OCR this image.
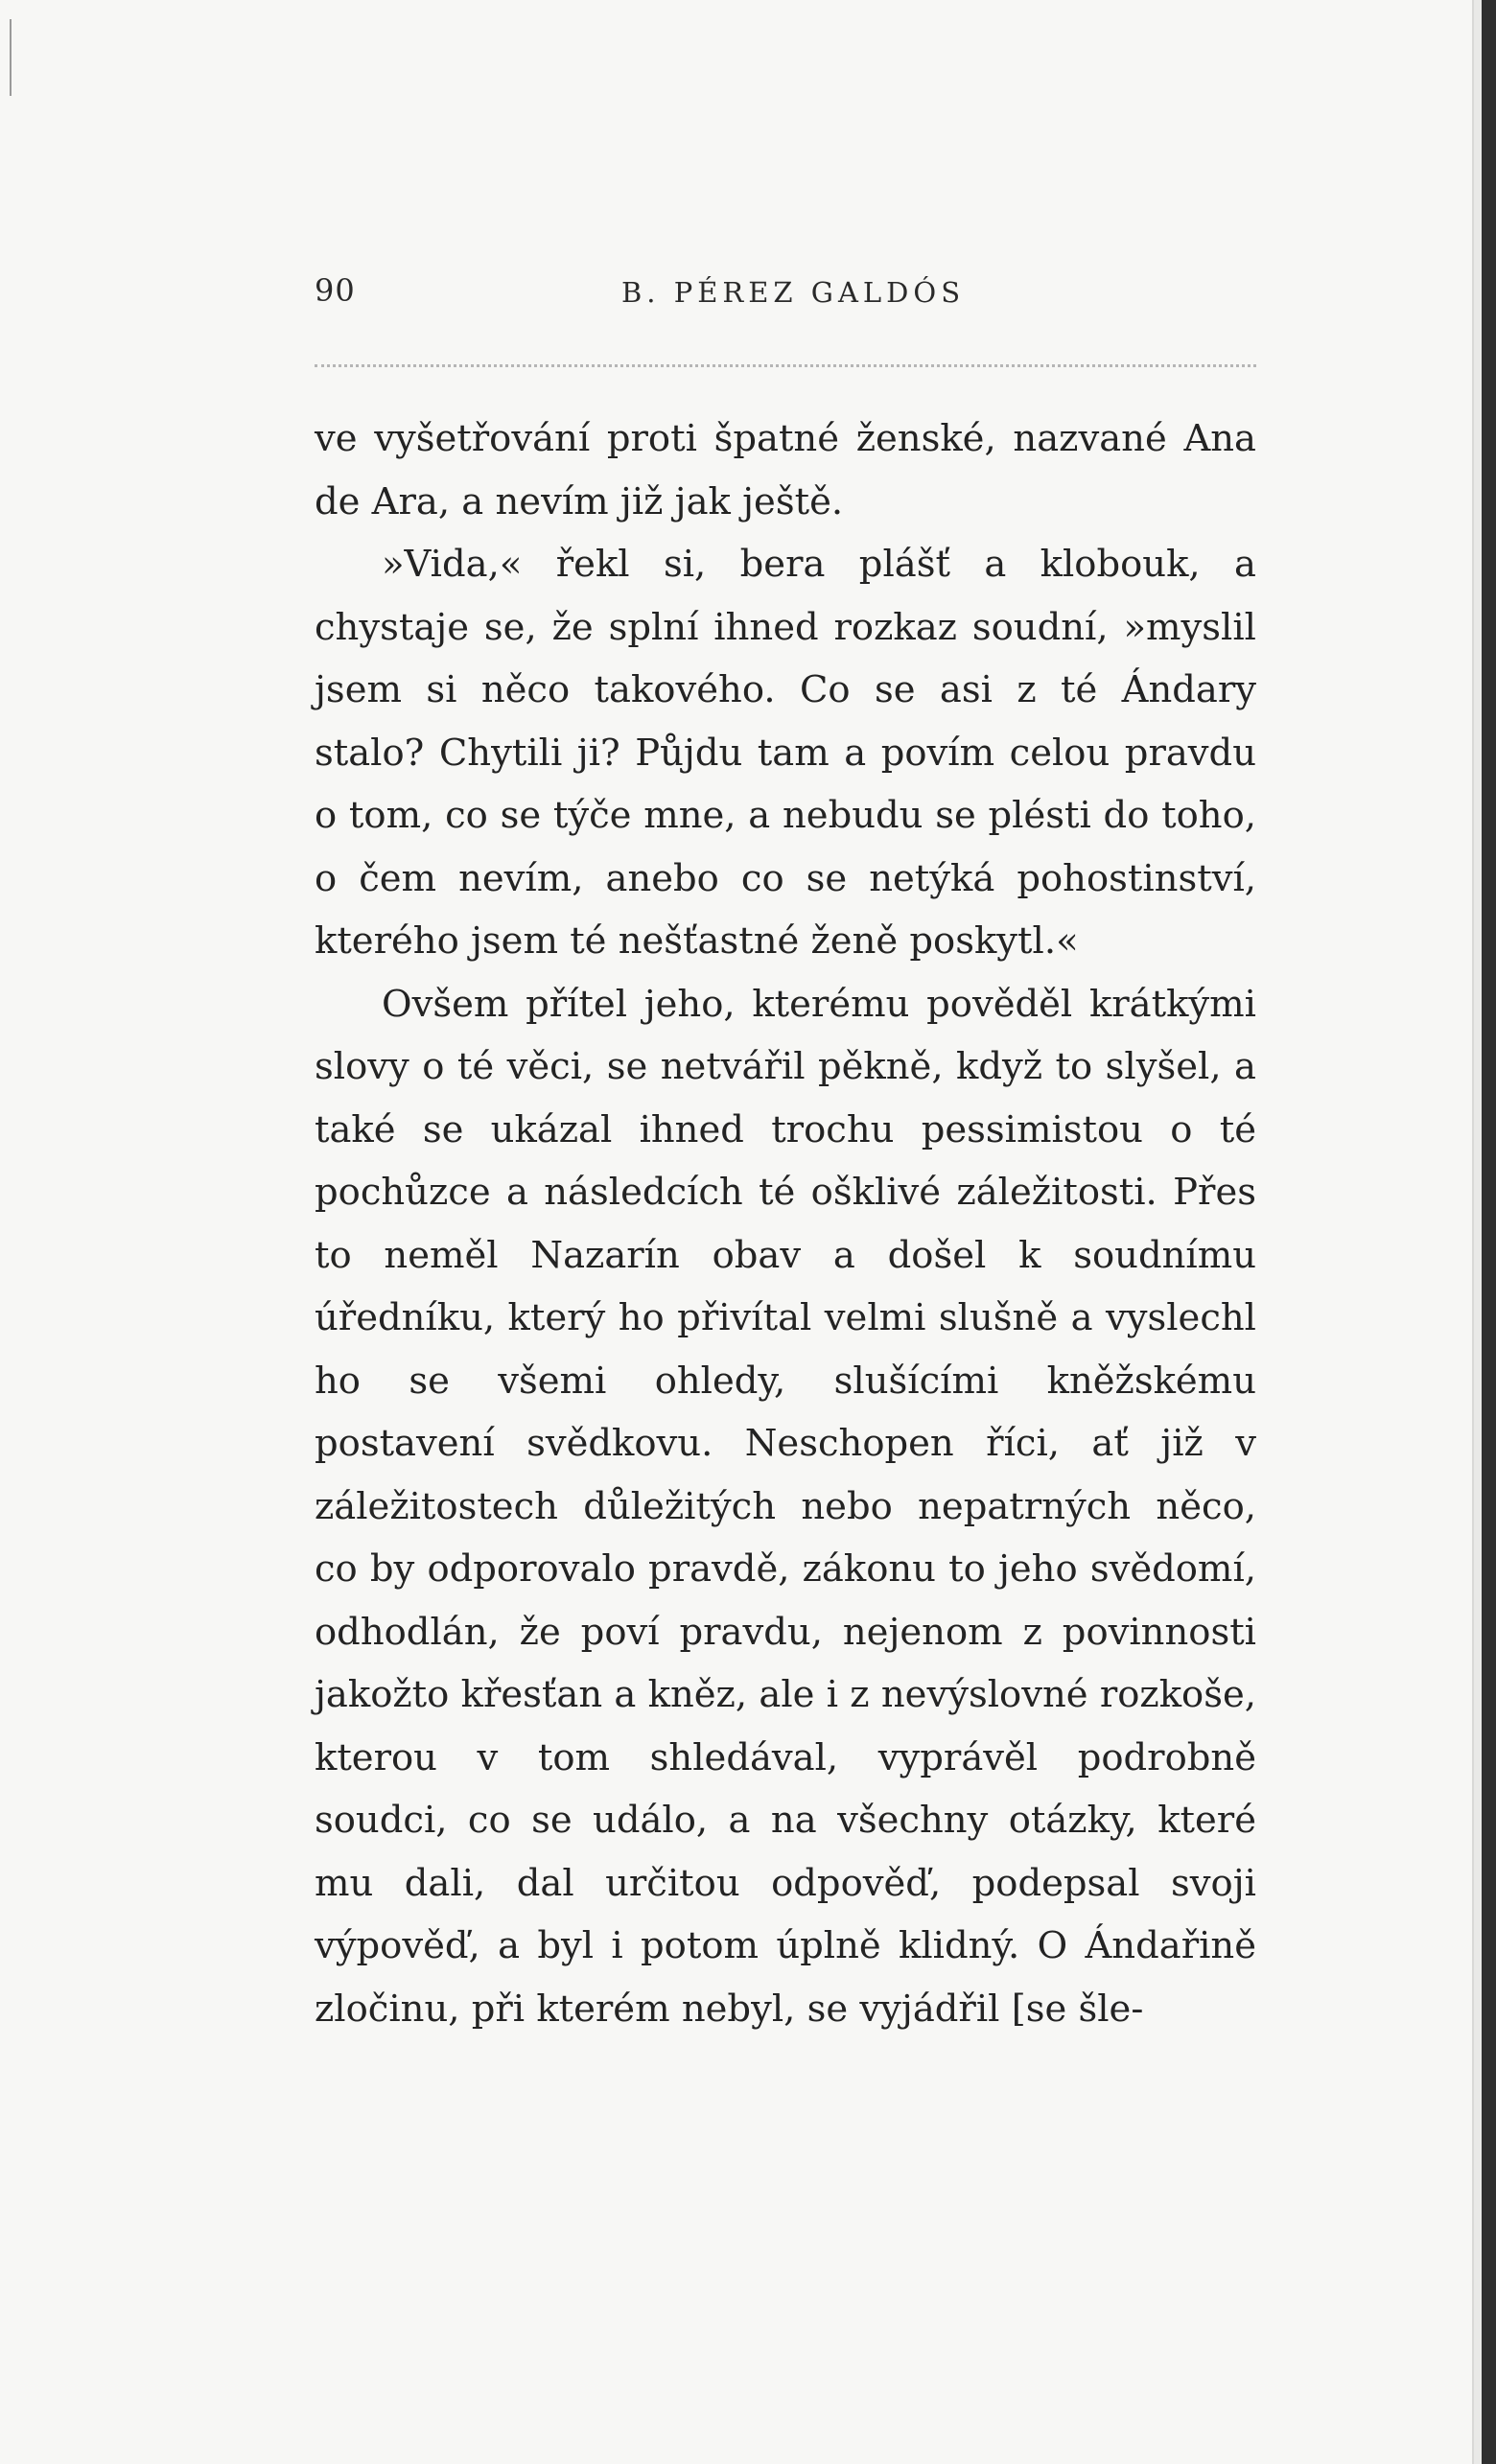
90	B. PÉREZ GALDÓS

ve vyšetřování proti špatné ženské, nazvané Ana de Ara, a nevím již jak ještě.

»Vida,« řekl si, bera plášť a klobouk, a chystaje se, že splní ihned rozkaz soudní, »myslil jsem si něco takového. Co se asi z té Ándary stalo? Chytili ji? Půjdu tam a povím celou pravdu o tom, co se týče mne, a nebudu se plésti do toho, o čem nevím, anebo co se netýká pohostinství, kterého jsem té nešťastné ženě poskytl.«

Ovšem přítel jeho, kterému pověděl krátkými slovy o té věci, se netvářil pěkně, když to slyšel, a také se ukázal ihned trochu pessimistou o té pochůzce a následcích té ošklivé záležitosti. Přes to neměl Nazarín obav a došel k soudnímu úředníku, který ho přivítal velmi slušně a vyslechl ho se všemi ohledy, slušícími kněžskému postavení svědkovu. Neschopen říci, ať již v záležitostech důležitých nebo nepatrných něco, co by odporovalo pravdě, zákonu to jeho svědomí, odhodlán, že poví pravdu, nejenom z povinnosti jakožto křesťan a kněz, ale i z nevýslovné rozkoše, kterou v tom shledával, vyprávěl podrobně soudci, co se událo, a na všechny otázky, které mu dali, dal určitou odpověď, podepsal svoji výpověď, a byl i potom úplně klidný. O Ándařině zločinu, při kterém nebyl, se vyjádřil [se šle-
